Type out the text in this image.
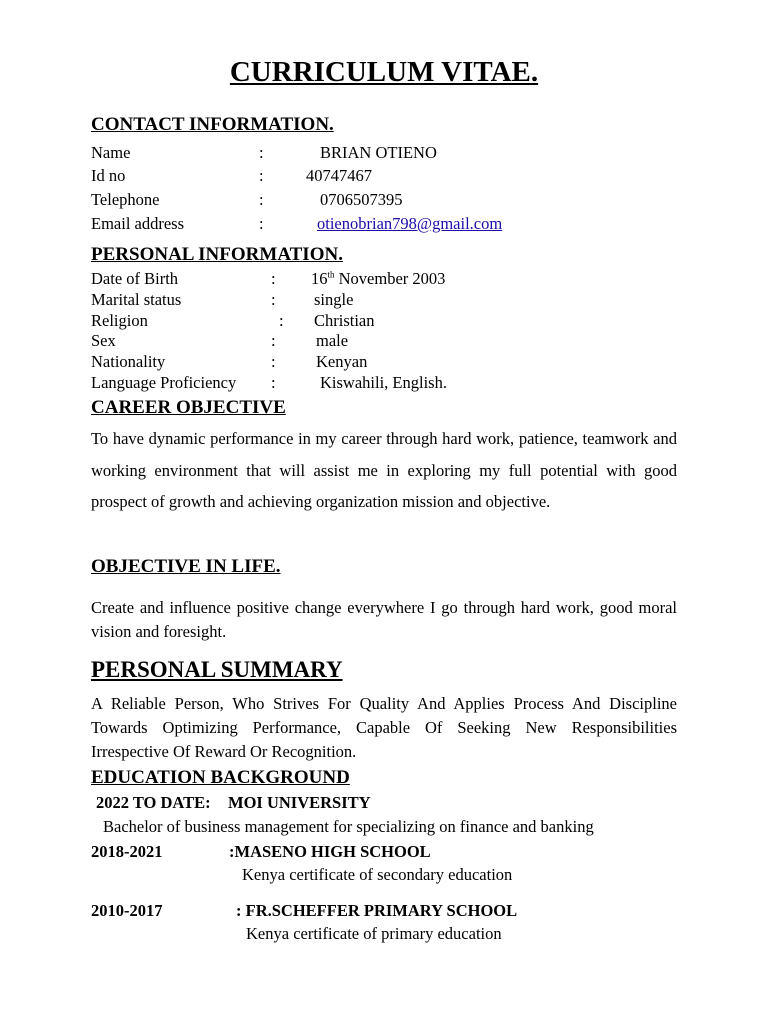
CURRICULUM VITAE.
CONTACT INFORMATION.
Name	:	BRIAN OTIENO
Id no	:	40747467
Telephone	:	0706507395
Email address	:	otienobrian798@gmail.com
PERSONAL INFORMATION.
Date of Birth	: 16th November 2003
Marital status	: single
Religion	: Christian
Sex	: male
Nationality	: Kenyan
Language Proficiency :	Kiswahili, English.
CAREER OBJECTIVE
To have dynamic performance in my career through hard work, patience, teamwork and working environment that will assist me in exploring my full potential with good prospect of growth and achieving organization mission and objective.
OBJECTIVE IN LIFE.
Create and influence positive change everywhere I go through hard work, good moral vision and foresight.
PERSONAL SUMMARY
A Reliable Person, Who Strives For Quality And Applies Process And Discipline Towards Optimizing Performance, Capable Of Seeking New Responsibilities Irrespective Of Reward Or Recognition.
EDUCATION BACKGROUND
2022 TO DATE: MOI UNIVERSITY
Bachelor of business management for specializing on finance and banking
2018-2021	:MASENO HIGH SCHOOL
Kenya certificate of secondary education
2010-2017	: FR.SCHEFFER PRIMARY SCHOOL
Kenya certificate of primary education
